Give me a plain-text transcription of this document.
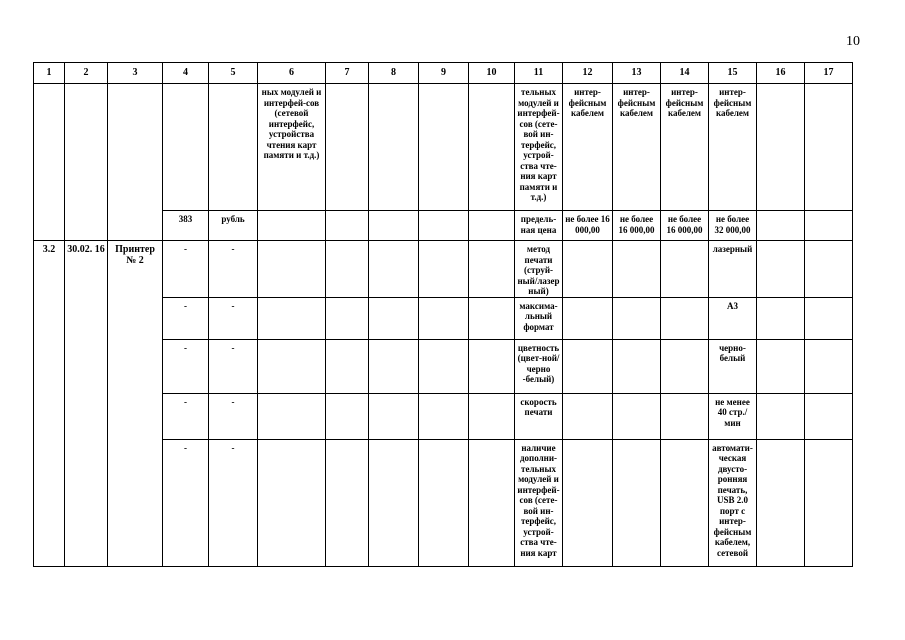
10
1	2	3	4	5	6	7	8	9	10	11	12	13	14	15	16	17

					ных модулей и интерфей-сов (сетевой интерфейс, устройства чтения карт памяти и т.д.)					тельных модулей и интерфей-сов (сете-вой ин-терфейс, устрой-ства чте-ния карт памяти и т.д.)	интер-фейсным кабелем	интер-фейсным кабелем	интер-фейсным кабелем	интер-фейсным кабелем		

			383	рубль						предель-ная цена	не более 16 000,00	не более 16 000,00	не более 16 000,00	не более 32 000,00		

3.2	30.02. 16	Принтер № 2	-	-						метод печати (струй-ный/лазер ный)				лазерный		

			-	-						максима-льный формат				А3		

			-	-						цветность (цвет-ной/черно -белый)				черно-белый		

			-	-						скорость печати				не менее 40 стр./мин		

			-	-						наличие дополни-тельных модулей и интерфей-сов (сете-вой ин-терфейс, устрой-ства чте-ния карт				автомати-ческая двусто-ронняя печать, USB 2.0 порт с интер-фейсным кабелем, сетевой		
